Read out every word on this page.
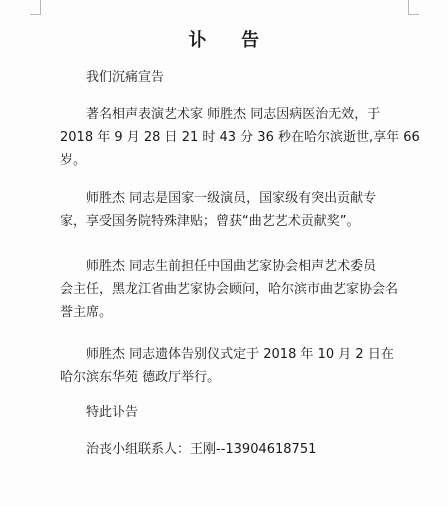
讣 告

我们沉痛宣告

著名相声表演艺术家 师胜杰 同志因病医治无效，于
2018 年 9 月 28 日 21 时 43 分 36 秒在哈尔滨逝世,享年 66
岁。

师胜杰 同志是国家一级演员，国家级有突出贡献专
家，享受国务院特殊津贴；曾获“曲艺艺术贡献奖”。

师胜杰 同志生前担任中国曲艺家协会相声艺术委员
会主任，黑龙江省曲艺家协会顾问，哈尔滨市曲艺家协会名
誉主席。

师胜杰 同志遗体告别仪式定于 2018 年 10 月 2 日在
哈尔滨东华苑 德政厅举行。

特此讣告

治丧小组联系人：王刚--13904618751
